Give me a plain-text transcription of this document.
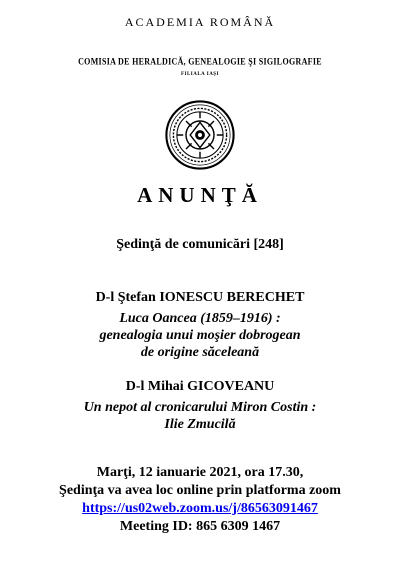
ACADEMIA ROMÂNĂ
COMISIA DE HERALDICĂ, GENEALOGIE ŞI SIGILOGRAFIE
FILIALA IAŞI
ANUNŢĂ
Şedinţă de comunicări [248]
D-l Ştefan IONESCU BERECHET
Luca Oancea (1859–1916) :
genealogia unui moşier dobrogean
de origine săceleană
D-l Mihai GICOVEANU
Un nepot al cronicarului Miron Costin :
Ilie Zmucilă
Marţi, 12 ianuarie 2021, ora 17.30,
Şedinţa va avea loc online prin platforma zoom
https://us02web.zoom.us/j/86563091467
Meeting ID: 865 6309 1467
